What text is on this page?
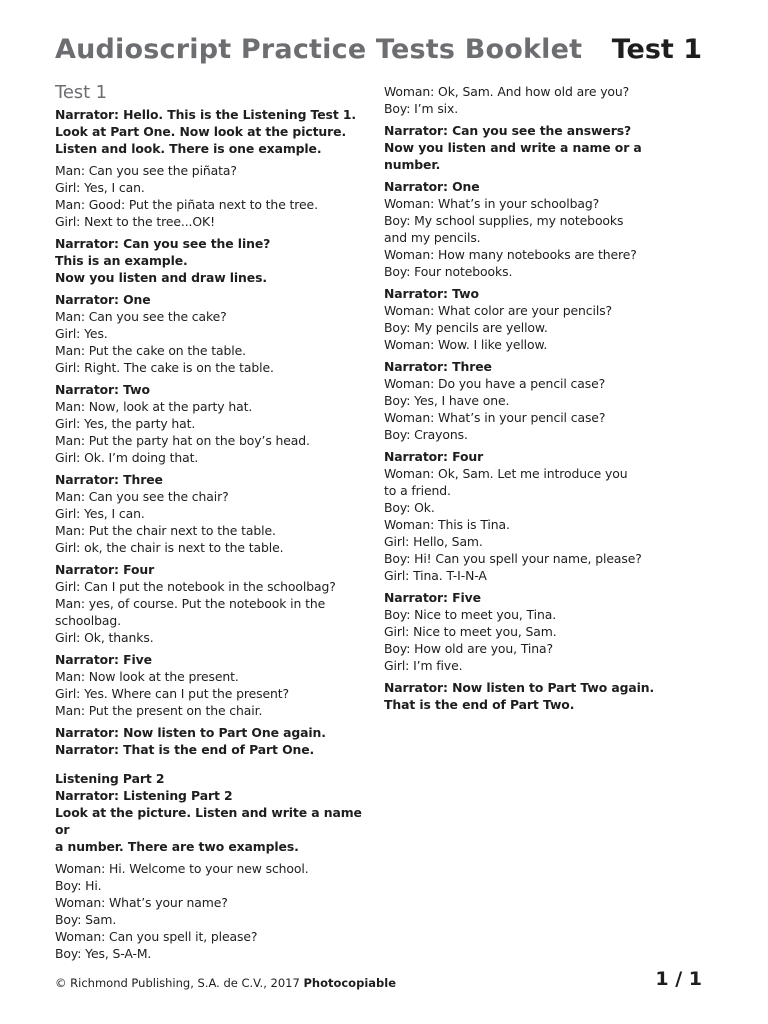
Audioscript Practice Tests Booklet Test 1
Test 1
Narrator: Hello. This is the Listening Test 1.
Look at Part One. Now look at the picture.
Listen and look. There is one example.
Man: Can you see the piñata?
Girl: Yes, I can.
Man: Good: Put the piñata next to the tree.
Girl: Next to the tree...OK!
Narrator: Can you see the line?
This is an example.
Now you listen and draw lines.
Narrator: One
Man: Can you see the cake?
Girl: Yes.
Man: Put the cake on the table.
Girl: Right. The cake is on the table.
Narrator: Two
Man: Now, look at the party hat.
Girl: Yes, the party hat.
Man: Put the party hat on the boy’s head.
Girl: Ok. I’m doing that.
Narrator: Three
Man: Can you see the chair?
Girl: Yes, I can.
Man: Put the chair next to the table.
Girl: ok, the chair is next to the table.
Narrator: Four
Girl: Can I put the notebook in the schoolbag?
Man: yes, of course. Put the notebook in the
schoolbag.
Girl: Ok, thanks.
Narrator: Five
Man: Now look at the present.
Girl: Yes. Where can I put the present?
Man: Put the present on the chair.
Narrator: Now listen to Part One again.
Narrator: That is the end of Part One.
Listening Part 2
Narrator: Listening Part 2
Look at the picture. Listen and write a name or
a number. There are two examples.
Woman: Hi. Welcome to your new school.
Boy: Hi.
Woman: What’s your name?
Boy: Sam.
Woman: Can you spell it, please?
Boy: Yes, S-A-M.
Woman: Ok, Sam. And how old are you?
Boy: I’m six.
Narrator: Can you see the answers?
Now you listen and write a name or a number.
Narrator: One
Woman: What’s in your schoolbag?
Boy: My school supplies, my notebooks
and my pencils.
Woman: How many notebooks are there?
Boy: Four notebooks.
Narrator: Two
Woman: What color are your pencils?
Boy: My pencils are yellow.
Woman: Wow. I like yellow.
Narrator: Three
Woman: Do you have a pencil case?
Boy: Yes, I have one.
Woman: What’s in your pencil case?
Boy: Crayons.
Narrator: Four
Woman: Ok, Sam. Let me introduce you
to a friend.
Boy: Ok.
Woman: This is Tina.
Girl: Hello, Sam.
Boy: Hi! Can you spell your name, please?
Girl: Tina. T-I-N-A
Narrator: Five
Boy: Nice to meet you, Tina.
Girl: Nice to meet you, Sam.
Boy: How old are you, Tina?
Girl: I’m five.
Narrator: Now listen to Part Two again.
That is the end of Part Two.
© Richmond Publishing, S.A. de C.V., 2017 Photocopiable	1 / 1
